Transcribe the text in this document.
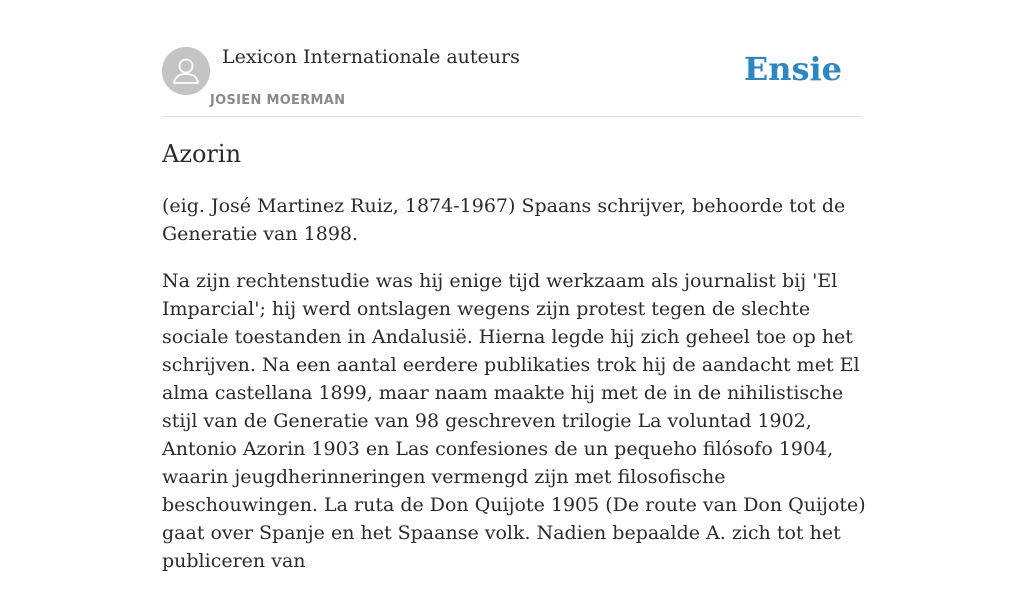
Lexicon Internationale auteurs
JOSIEN MOERMAN
Ensie
Azorin

(eig. José Martinez Ruiz, 1874-1967) Spaans schrijver, behoorde tot de Generatie van 1898.

Na zijn rechtenstudie was hij enige tijd werkzaam als journalist bij 'El Imparcial'; hij werd ontslagen wegens zijn protest tegen de slechte sociale toestanden in Andalusië. Hierna legde hij zich geheel toe op het schrijven. Na een aantal eerdere publikaties trok hij de aandacht met El alma castellana 1899, maar naam maakte hij met de in de nihilistische stijl van de Generatie van 98 geschreven trilogie La voluntad 1902, Antonio Azorin 1903 en Las confesiones de un pequeho filósofo 1904, waarin jeugdherinneringen vermengd zijn met filosofische beschouwingen. La ruta de Don Quijote 1905 (De route van Don Quijote) gaat over Spanje en het Spaanse volk. Nadien bepaalde A. zich tot het publiceren van
